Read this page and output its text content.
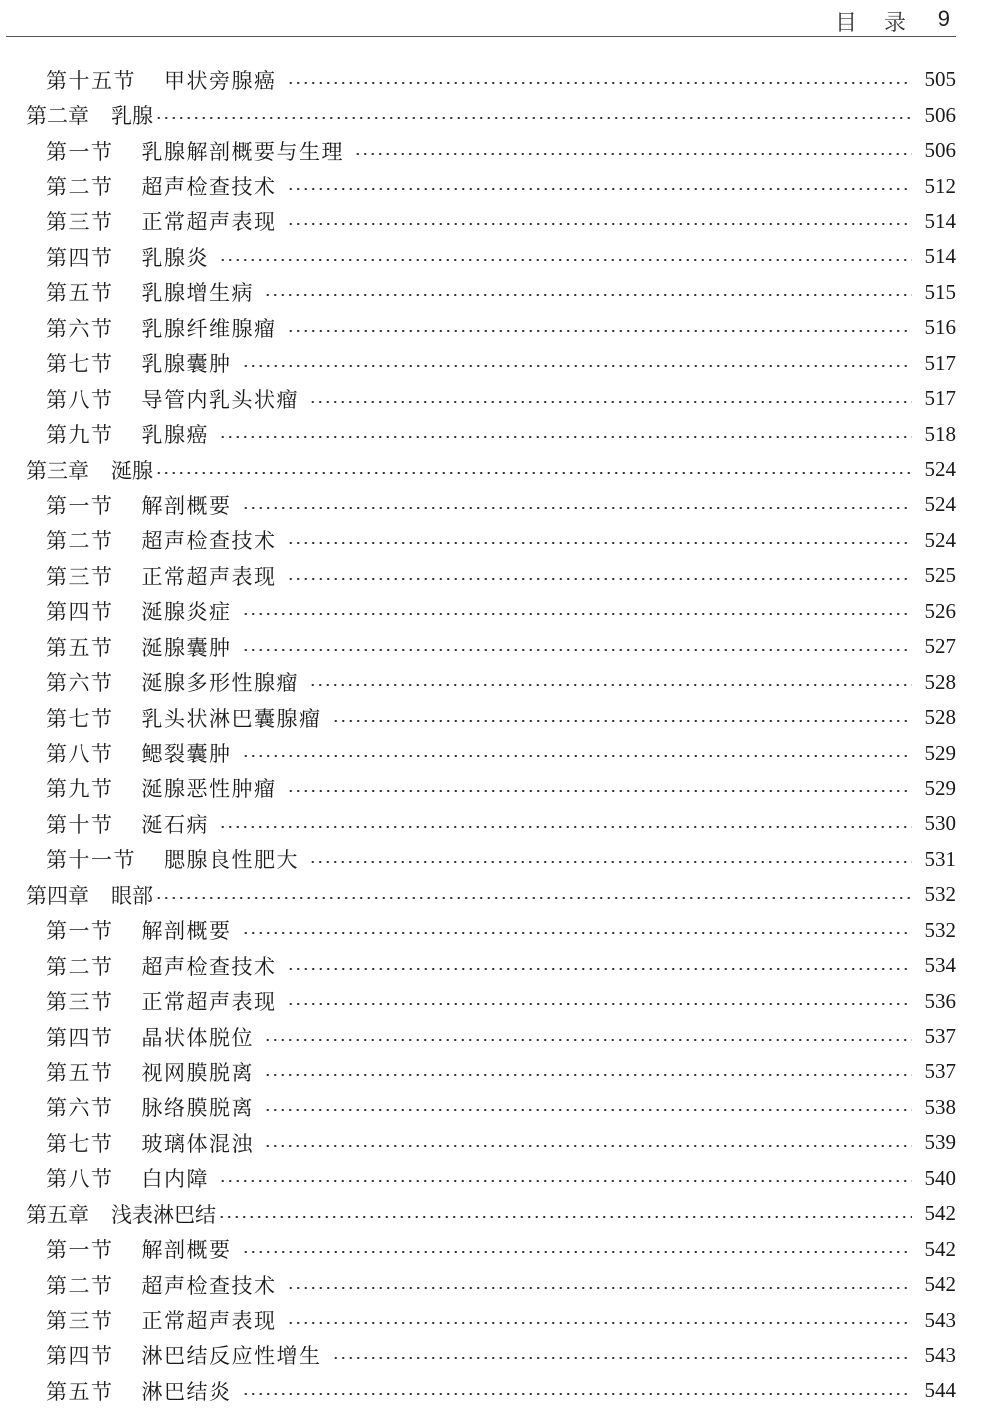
目 录 9
第十五节 甲状旁腺癌	505
第二章 乳腺	506
第一节 乳腺解剖概要与生理	506
第二节 超声检查技术	512
第三节 正常超声表现	514
第四节 乳腺炎	514
第五节 乳腺增生病	515
第六节 乳腺纤维腺瘤	516
第七节 乳腺囊肿	517
第八节 导管内乳头状瘤	517
第九节 乳腺癌	518
第三章 涎腺	524
第一节 解剖概要	524
第二节 超声检查技术	524
第三节 正常超声表现	525
第四节 涎腺炎症	526
第五节 涎腺囊肿	527
第六节 涎腺多形性腺瘤	528
第七节 乳头状淋巴囊腺瘤	528
第八节 鳃裂囊肿	529
第九节 涎腺恶性肿瘤	529
第十节 涎石病	530
第十一节 腮腺良性肥大	531
第四章 眼部	532
第一节 解剖概要	532
第二节 超声检查技术	534
第三节 正常超声表现	536
第四节 晶状体脱位	537
第五节 视网膜脱离	537
第六节 脉络膜脱离	538
第七节 玻璃体混浊	539
第八节 白内障	540
第五章 浅表淋巴结	542
第一节 解剖概要	542
第二节 超声检查技术	542
第三节 正常超声表现	543
第四节 淋巴结反应性增生	543
第五节 淋巴结炎	544
